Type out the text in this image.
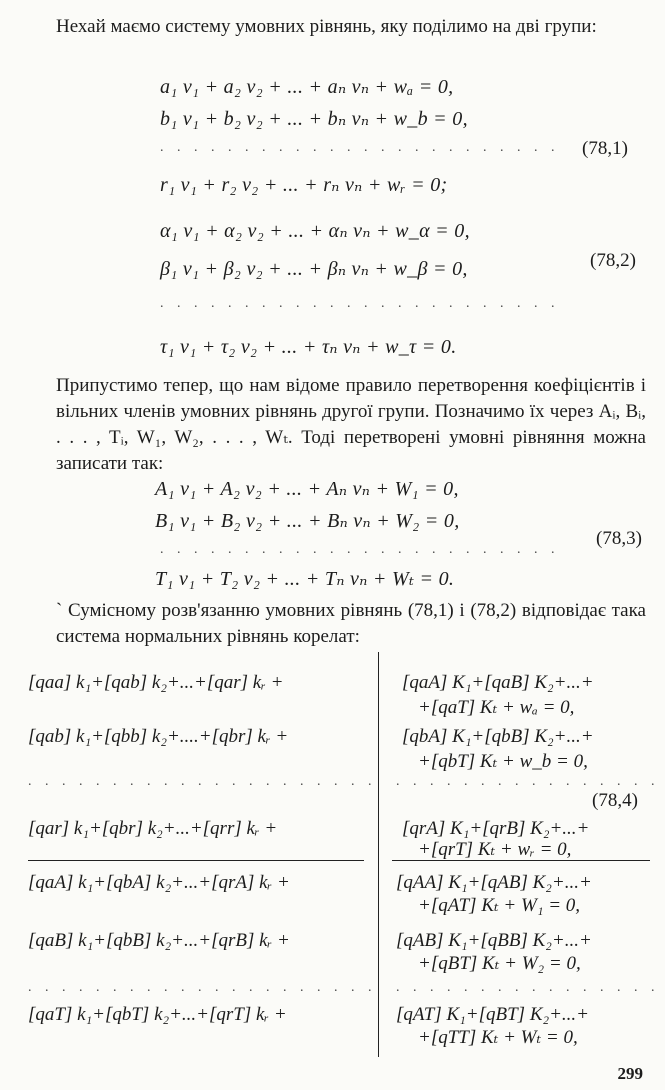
Нехай маємо систему умовних рівнянь, яку поділимо на дві групи:
a₁ v₁ + a₂ v₂ + ... + aₙ vₙ + wₐ = 0,
b₁ v₁ + b₂ v₂ + ... + bₙ vₙ + w_b = 0,
. . . . . . . . . . . . . . . . . . . . . . . . (78,1)
r₁ v₁ + r₂ v₂ + ... + rₙ vₙ + wᵣ = 0;
α₁ v₁ + α₂ v₂ + ... + αₙ vₙ + w_α = 0,
β₁ v₁ + β₂ v₂ + ... + βₙ vₙ + w_β = 0,	(78,2)
. . . . . . . . . . . . . . . . . . . . . . . .
τ₁ v₁ + τ₂ v₂ + ... + τₙ vₙ + w_τ = 0.
Припустимо тепер, що нам відоме правило перетворення коефіцієнтів і вільних членів умовних рівнянь другої групи. Позначимо їх через Aᵢ, Bᵢ, . . . , Tᵢ, W₁, W₂, . . . , Wₜ. Тоді перетворені умовні рівняння можна записати так:
A₁ v₁ + A₂ v₂ + ... + Aₙ vₙ + W₁ = 0,
B₁ v₁ + B₂ v₂ + ... + Bₙ vₙ + W₂ = 0,
. . . . . . . . . . . . . . . . . . . . . . . .
(78,3)
T₁ v₁ + T₂ v₂ + ... + Tₙ vₙ + Wₜ = 0.
` Сумісному розв'язанню умовних рівнянь (78,1) і (78,2) відповідає така система нормальних рівнянь корелат:
[qaa] k₁+[qab] k₂+...+[qar] kᵣ +
[qab] k₁+[qbb] k₂+....+[qbr] kᵣ +
. . . . . . . . . . . . . . . . . . . . .
[qar] k₁+[qbr] k₂+...+[qrr] kᵣ +
[qaA] K₁+[qaB] K₂+...+
+[qaT] Kₜ + wₐ = 0,
[qbA] K₁+[qbB] K₂+...+
+[qbT] Kₜ + w_b = 0,
. . . . . . . . . . . . . . . .
(78,4)
[qrA] K₁+[qrB] K₂+...+
+[qrT] Kₜ + wᵣ = 0,
[qaA] k₁+[qbA] k₂+...+[qrA] kᵣ +
[qaB] k₁+[qbB] k₂+...+[qrB] kᵣ +
. . . . . . . . . . . . . . . . . . . . .
[qaT] k₁+[qbT] k₂+...+[qrT] kᵣ +
[qAA] K₁+[qAB] K₂+...+
+[qAT] Kₜ + W₁ = 0,
[qAB] K₁+[qBB] K₂+...+
+[qBT] Kₜ + W₂ = 0,
. . . . . . . . . . . . . . . .
[qAT] K₁+[qBT] K₂+...+
+[qTT] Kₜ + Wₜ = 0,
299
